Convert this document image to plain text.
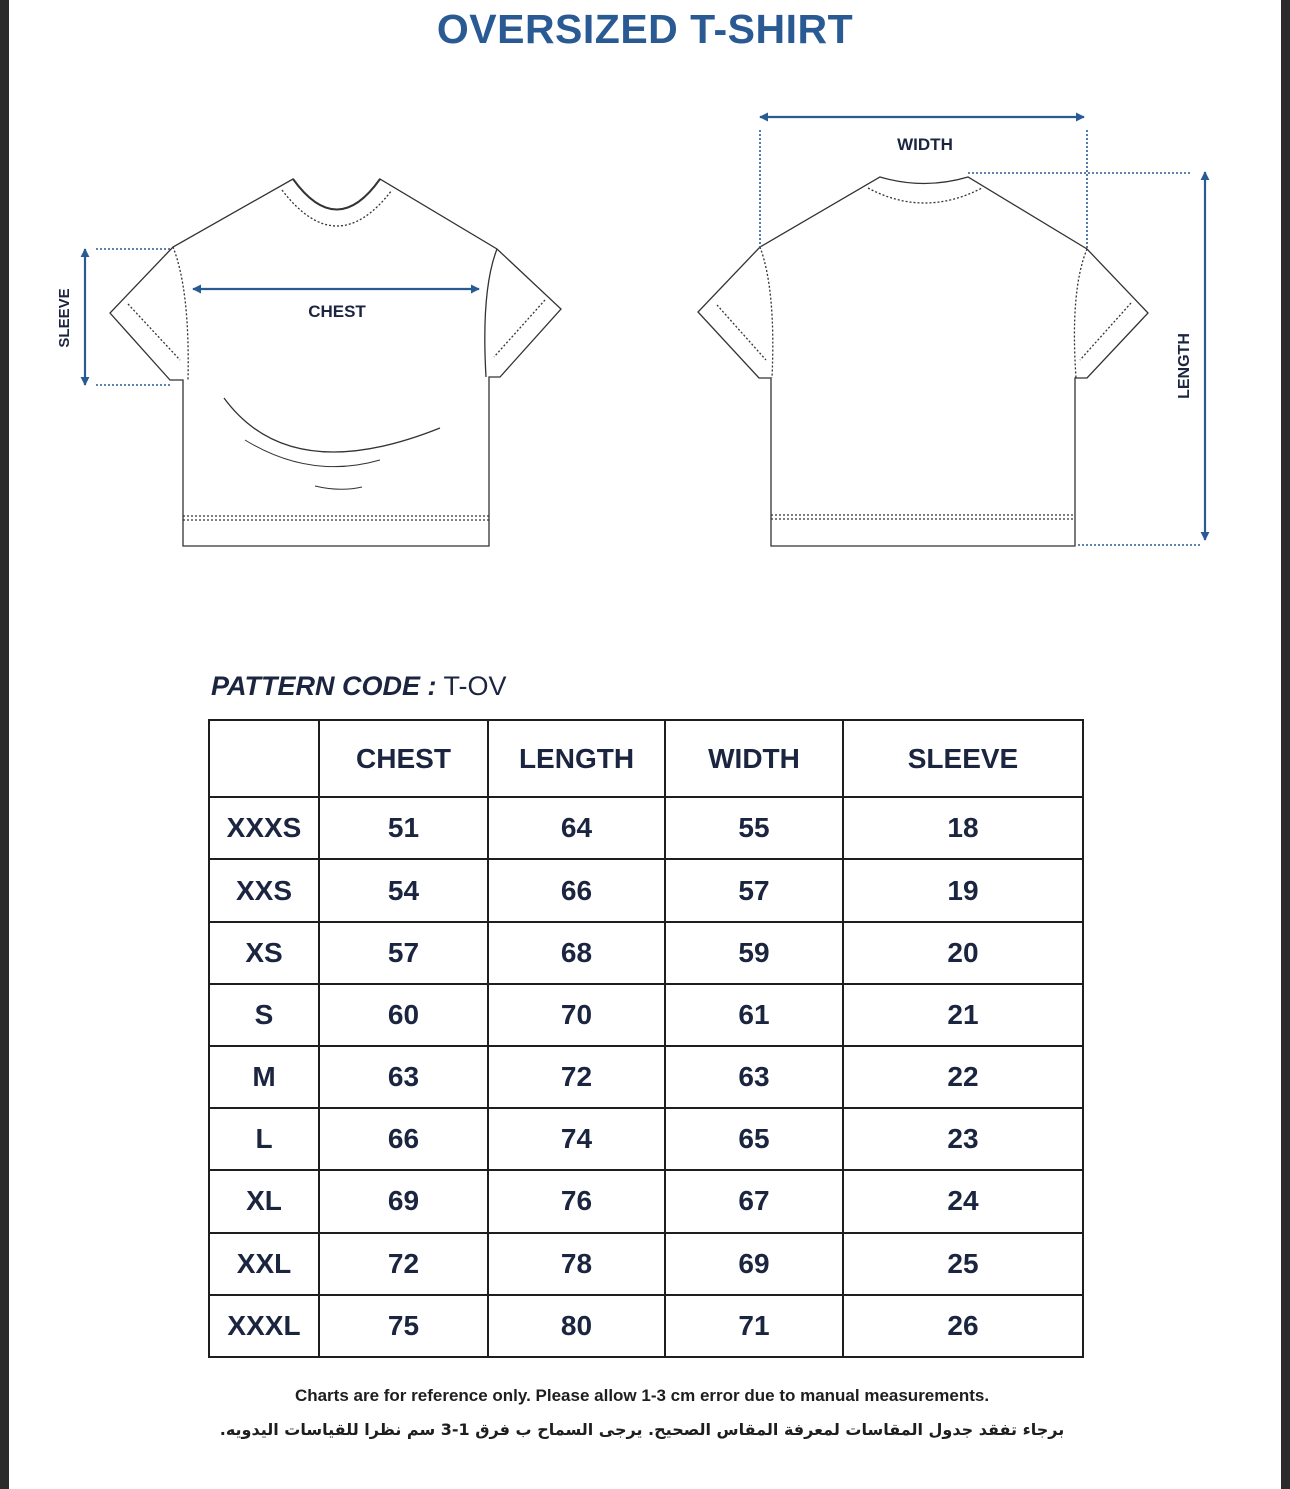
OVERSIZED T-SHIRT
CHEST
SLEEVE
WIDTH
LENGTH
PATTERN CODE : T-OV
	CHEST	LENGTH	WIDTH	SLEEVE
XXXS	51	64	55	18
XXS	54	66	57	19
XS	57	68	59	20
S	60	70	61	21
M	63	72	63	22
L	66	74	65	23
XL	69	76	67	24
XXL	72	78	69	25
XXXL	75	80	71	26
Charts are for reference only. Please allow 1-3 cm error due to manual measurements.
برجاء تفقد جدول المقاسات لمعرفة المقاس الصحيح. يرجى السماح ب فرق 1-3 سم نظرا للقياسات اليدويه.
